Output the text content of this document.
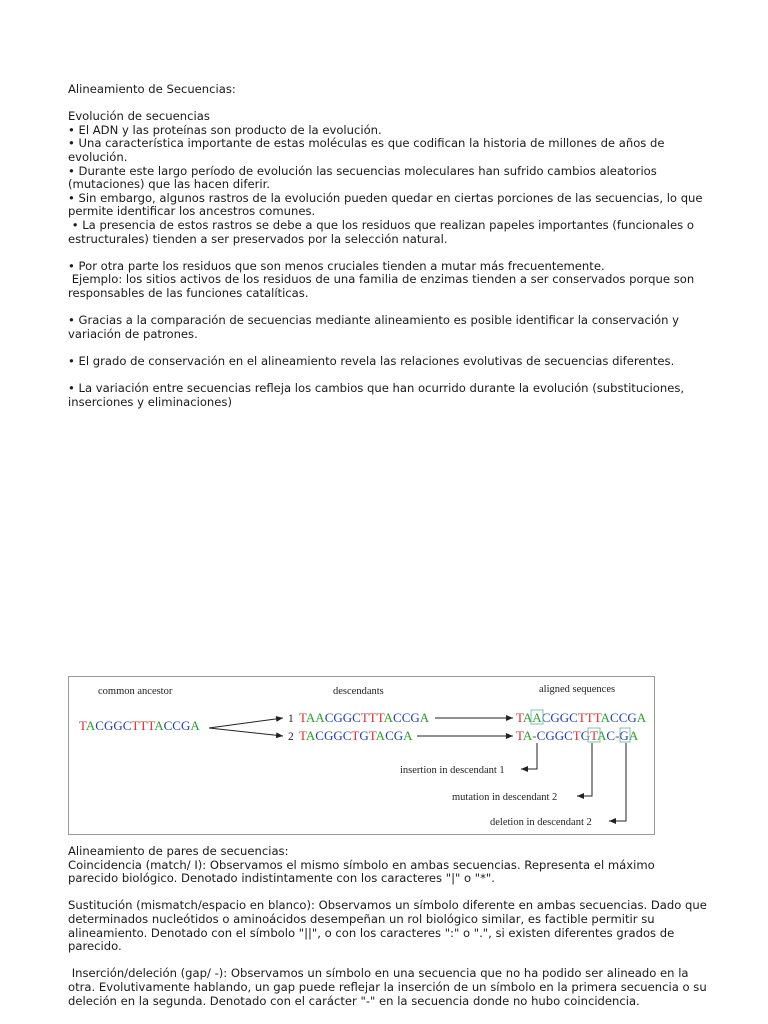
Alineamiento de Secuencias:

Evolución de secuencias

• El ADN y las proteínas son producto de la evolución.

• Una característica importante de estas moléculas es que codifican la historia de millones de años de evolución.

• Durante este largo período de evolución las secuencias moleculares han sufrido cambios aleatorios (mutaciones) que las hacen diferir.

• Sin embargo, algunos rastros de la evolución pueden quedar en ciertas porciones de las secuencias, lo que permite identificar los ancestros comunes.

• La presencia de estos rastros se debe a que los residuos que realizan papeles importantes (funcionales o estructurales) tienden a ser preservados por la selección natural.

• Por otra parte los residuos que son menos cruciales tienden a mutar más frecuentemente.

Ejemplo: los sitios activos de los residuos de una familia de enzimas tienden a ser conservados porque son responsables de las funciones catalíticas.

• Gracias a la comparación de secuencias mediante alineamiento es posible identificar la conservación y variación de patrones.

• El grado de conservación en el alineamiento revela las relaciones evolutivas de secuencias diferentes.

• La variación entre secuencias refleja los cambios que han ocurrido durante la evolución (substituciones, inserciones y eliminaciones)

common ancestor	descendants	aligned sequences
TACGGCTTTACCGA	1 TAACGGCTTTACCGA
2 TACGGCTGTACGA
TAACGGCTTTACCGA
TA-CGGCTGTAC-GA
insertion in descendant 1
mutation in descendant 2
deletion in descendant 2

Alineamiento de pares de secuencias:

Coincidencia (match/ I): Observamos el mismo símbolo en ambas secuencias. Representa el máximo parecido biológico. Denotado indistintamente con los caracteres "|" o "*".

Sustitución (mismatch/espacio en blanco): Observamos un símbolo diferente en ambas secuencias. Dado que determinados nucleótidos o aminoácidos desempeñan un rol biológico similar, es factible permitir su alineamiento. Denotado con el símbolo "||", o con los caracteres ":" o ".", si existen diferentes grados de parecido.

Inserción/deleción (gap/ -): Observamos un símbolo en una secuencia que no ha podido ser alineado en la otra. Evolutivamente hablando, un gap puede reflejar la inserción de un símbolo en la primera secuencia o su deleción en la segunda. Denotado con el carácter "-" en la secuencia donde no hubo coincidencia.
